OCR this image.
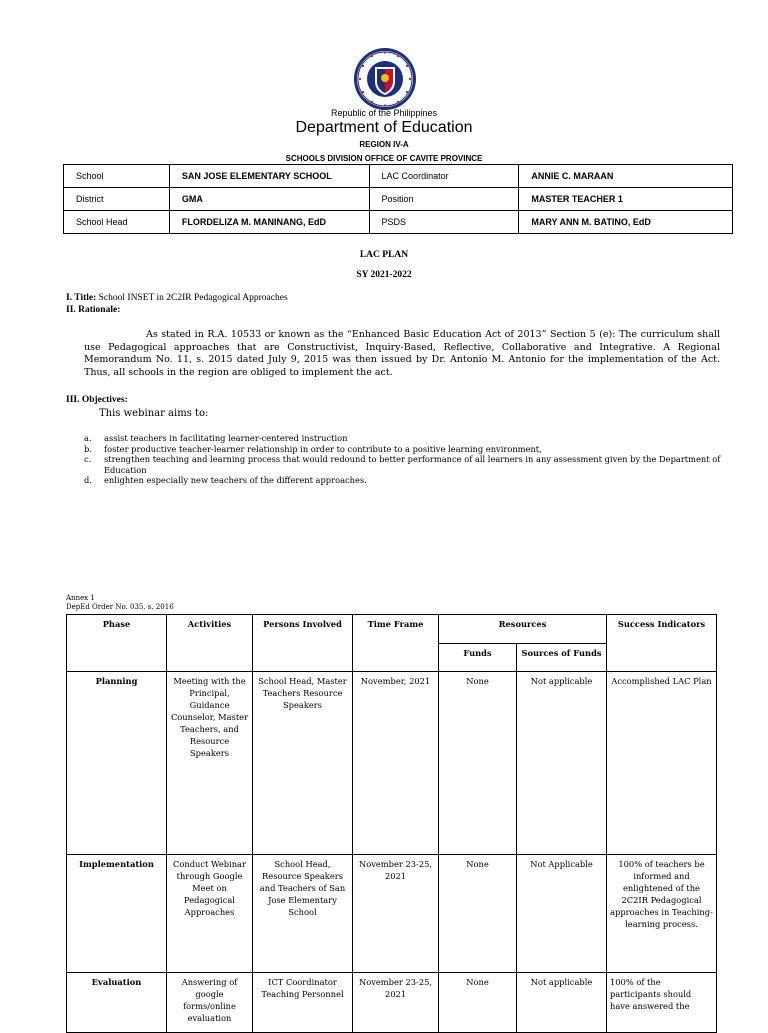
Republic of the Philippines
Department of Education
REGION IV-A
SCHOOLS DIVISION OFFICE OF CAVITE PROVINCE
School	SAN JOSE ELEMENTARY SCHOOL	LAC Coordinator	ANNIE C. MARAAN
District	GMA	Position	MASTER TEACHER 1
School Head	FLORDELIZA M. MANINANG, EdD	PSDS	MARY ANN M. BATINO, EdD
LAC PLAN
SY 2021-2022
I. Title: School INSET in 2C2IR Pedagogical Approaches
II. Rationale:
As stated in R.A. 10533 or known as the “Enhanced Basic Education Act of 2013” Section 5 (e): The curriculum shall use Pedagogical approaches that are Constructivist, Inquiry-Based, Reflective, Collaborative and Integrative. A Regional Memorandum No. 11, s. 2015 dated July 9, 2015 was then issued by Dr. Antonio M. Antonio for the implementation of the Act. Thus, all schools in the region are obliged to implement the act.
III. Objectives:
This webinar aims to:
a. assist teachers in facilitating learner-centered instruction
b. foster productive teacher-learner relationship in order to contribute to a positive learning environment,
c. strengthen teaching and learning process that would redound to better performance of all learners in any assessment given by the Department of Education
d. enlighten especially new teachers of the different approaches.
Annex 1
DepEd Order No. 035, s. 2016
Phase	Activities	Persons Involved	Time Frame	Resources		Success Indicators
				Funds	Sources of Funds	
Planning	Meeting with the Principal, Guidance Counselor, Master Teachers, and Resource Speakers	School Head, Master Teachers Resource Speakers	November, 2021	None	Not applicable	Accomplished LAC Plan
Implementation	Conduct Webinar through Google Meet on Pedagogical Approaches	School Head, Resource Speakers and Teachers of San Jose Elementary School	November 23-25, 2021	None	Not Applicable	100% of teachers be informed and enlightened of the 2C2IR Pedagogical approaches in Teaching-learning process.
Evaluation	Answering of google forms/online evaluation	ICT Coordinator Teaching Personnel	November 23-25, 2021	None	Not applicable	100% of the participants should have answered the
